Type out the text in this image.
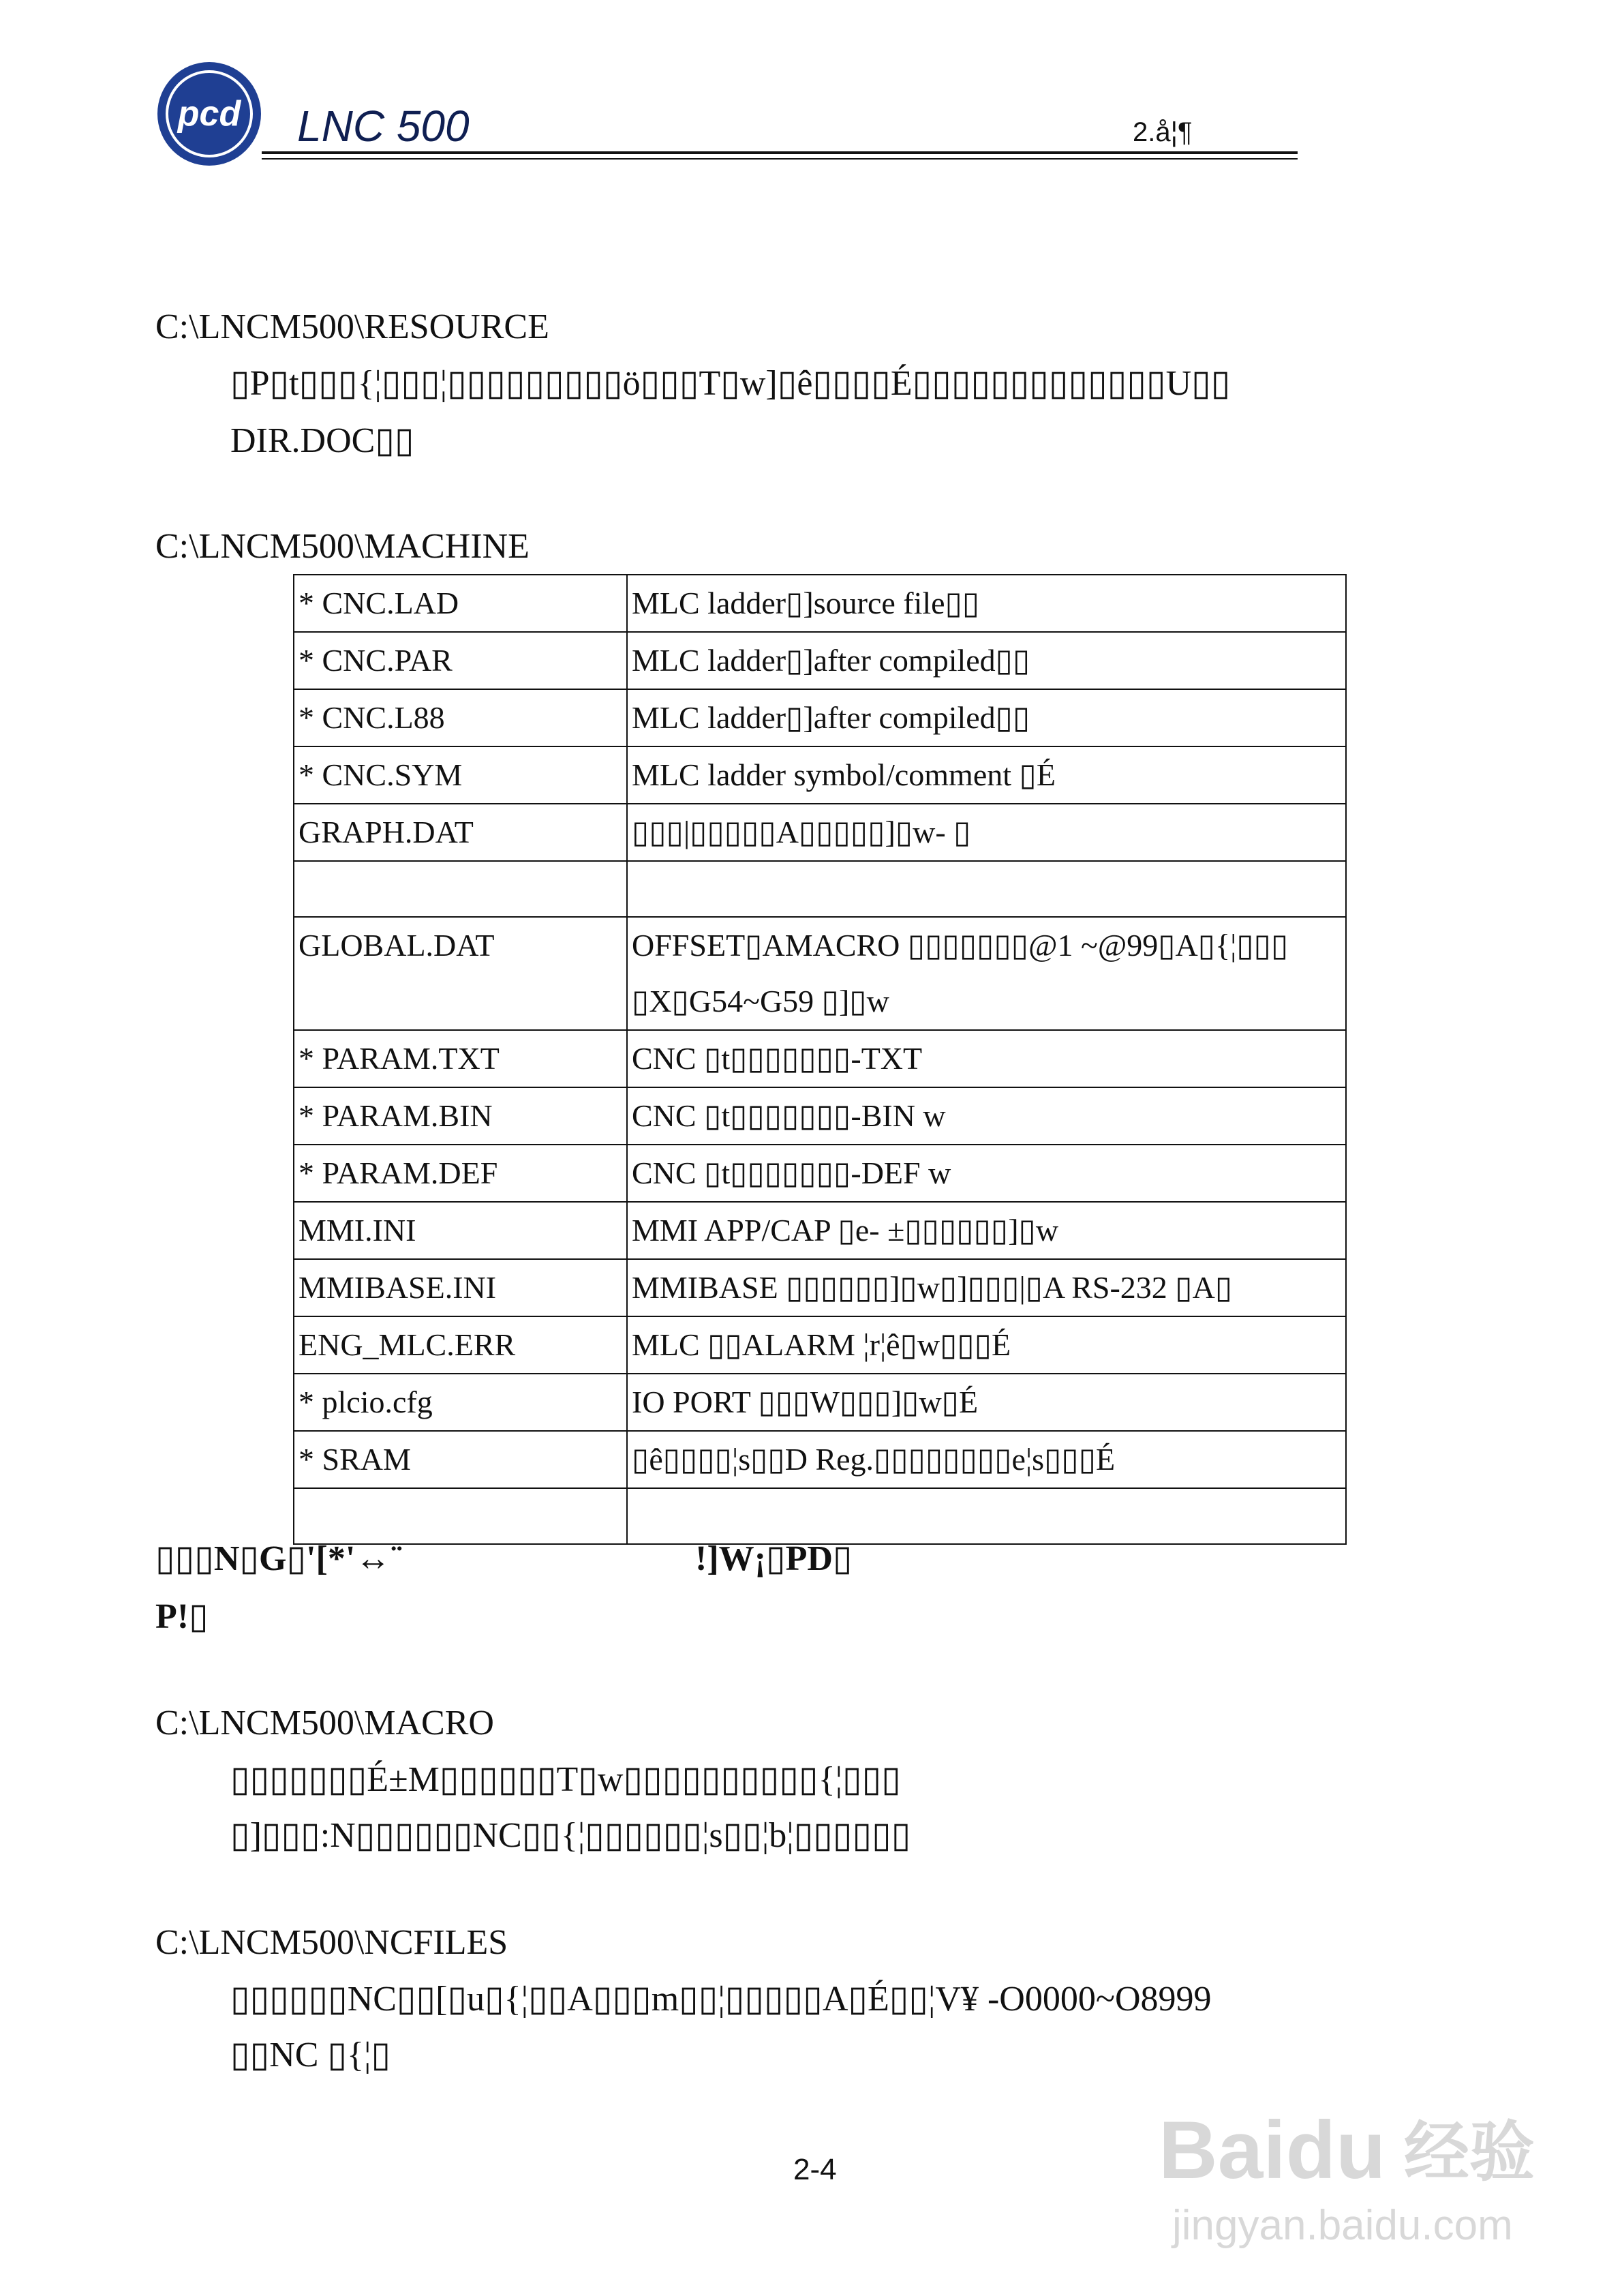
pcd LNC 500	2.å¦¶
C:\LNCM500\RESOURCE
▯P▯t▯▯▯{¦▯▯▯¦▯▯▯▯▯▯▯▯▯ö▯▯▯T▯w]▯ê▯▯▯▯É▯▯▯▯▯▯▯▯▯▯▯▯▯U▯▯
DIR.DOC▯▯
C:\LNCM500\MACHINE
* CNC.LAD	MLC ladder▯]source file▯▯
* CNC.PAR	MLC ladder▯]after compiled▯▯
* CNC.L88	MLC ladder▯]after compiled▯▯
* CNC.SYM	MLC ladder symbol/comment ▯É
GRAPH.DAT	▯▯▯|▯▯▯▯▯A▯▯▯▯▯]▯w- ▯

GLOBAL.DAT	OFFSET▯AMACRO ▯▯▯▯▯▯▯@1 ~@99▯A▯{¦▯▯▯
▯X▯G54~G59 ▯]▯w

* PARAM.TXT	CNC ▯t▯▯▯▯▯▯▯-TXT
* PARAM.BIN	CNC ▯t▯▯▯▯▯▯▯-BIN w
* PARAM.DEF	CNC ▯t▯▯▯▯▯▯▯-DEF w
MMI.INI	MMI APP/CAP ▯e- ±▯▯▯▯▯▯]▯w
MMIBASE.INI	MMIBASE ▯▯▯▯▯▯]▯w▯]▯▯▯|▯A RS-232 ▯A▯
ENG_MLC.ERR	MLC ▯▯ALARM ¦r¦ê▯w▯▯▯É
* plcio.cfg	IO PORT ▯▯▯W▯▯▯]▯w▯É
* SRAM	▯ê▯▯▯▯¦s▯▯D Reg.▯▯▯▯▯▯▯▯e¦s▯▯▯É

▯▯▯N▯G▯'[*'↔¨	!]W¡▯PD▯
P!▯
C:\LNCM500\MACRO
▯▯▯▯▯▯▯É±M▯▯▯▯▯▯T▯w▯▯▯▯▯▯▯▯▯▯{¦▯▯▯
▯]▯▯▯:N▯▯▯▯▯▯NC▯▯{¦▯▯▯▯▯▯¦s▯▯¦b¦▯▯▯▯▯▯
C:\LNCM500\NCFILES
▯▯▯▯▯▯NC▯▯[▯u▯{¦▯▯A▯▯▯m▯▯¦▯▯▯▯▯A▯É▯▯¦V¥ -O0000~O8999
▯▯NC ▯{¦▯
2-4	Baidu 经验
jingyan.baidu.com
